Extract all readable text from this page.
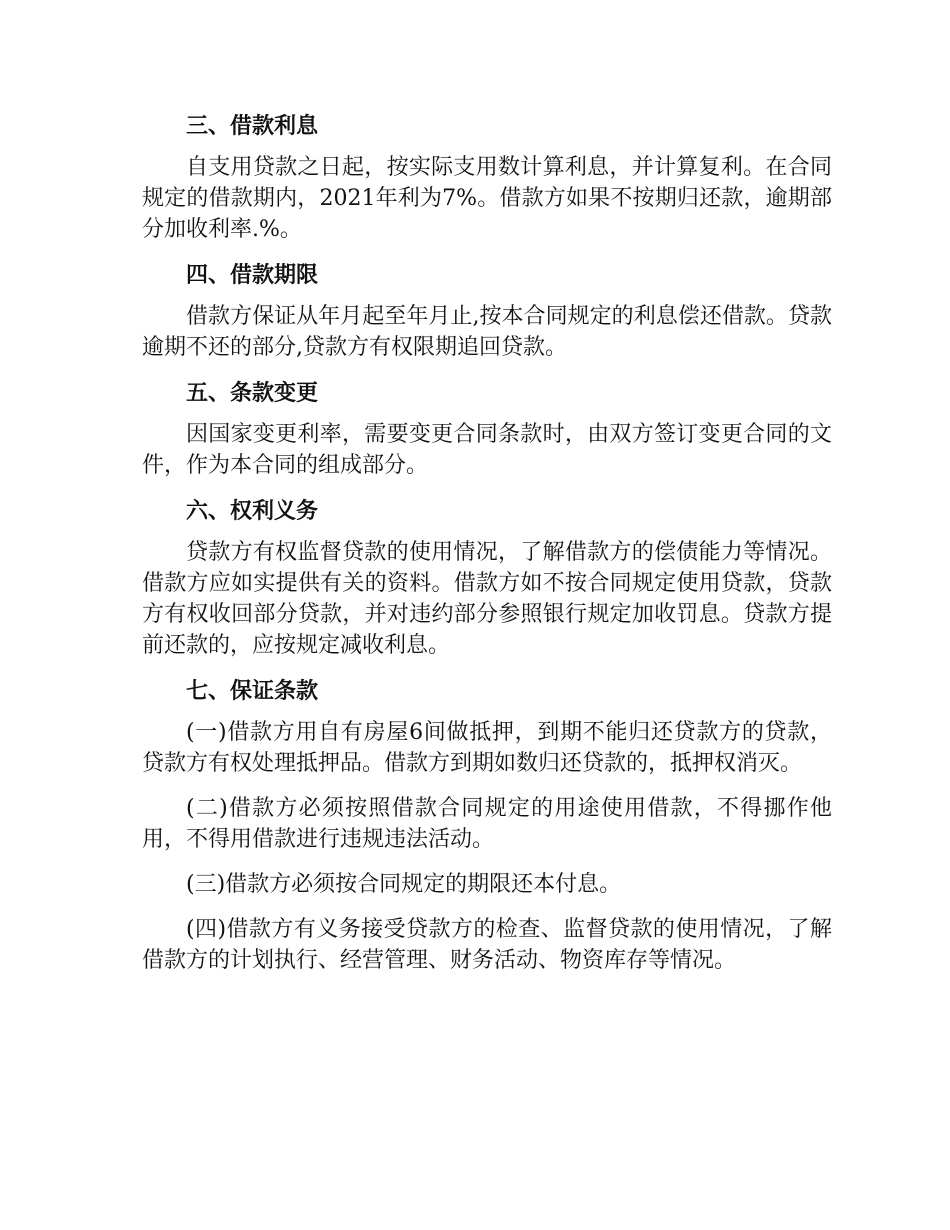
三、借款利息

自支用贷款之日起，按实际支用数计算利息，并计算复利。在合同规定的借款期内，2021年利为7%。借款方如果不按期归还款，逾期部分加收利率.%。

四、借款期限

借款方保证从年月起至年月止,按本合同规定的利息偿还借款。贷款逾期不还的部分,贷款方有权限期追回贷款。

五、条款变更

因国家变更利率，需要变更合同条款时，由双方签订变更合同的文件，作为本合同的组成部分。

六、权利义务

贷款方有权监督贷款的使用情况，了解借款方的偿债能力等情况。借款方应如实提供有关的资料。借款方如不按合同规定使用贷款，贷款方有权收回部分贷款，并对违约部分参照银行规定加收罚息。贷款方提前还款的，应按规定减收利息。

七、保证条款

(一)借款方用自有房屋6间做抵押，到期不能归还贷款方的贷款，贷款方有权处理抵押品。借款方到期如数归还贷款的，抵押权消灭。

(二)借款方必须按照借款合同规定的用途使用借款，不得挪作他用，不得用借款进行违规违法活动。

(三)借款方必须按合同规定的期限还本付息。

(四)借款方有义务接受贷款方的检查、监督贷款的使用情况，了解借款方的计划执行、经营管理、财务活动、物资库存等情况。
